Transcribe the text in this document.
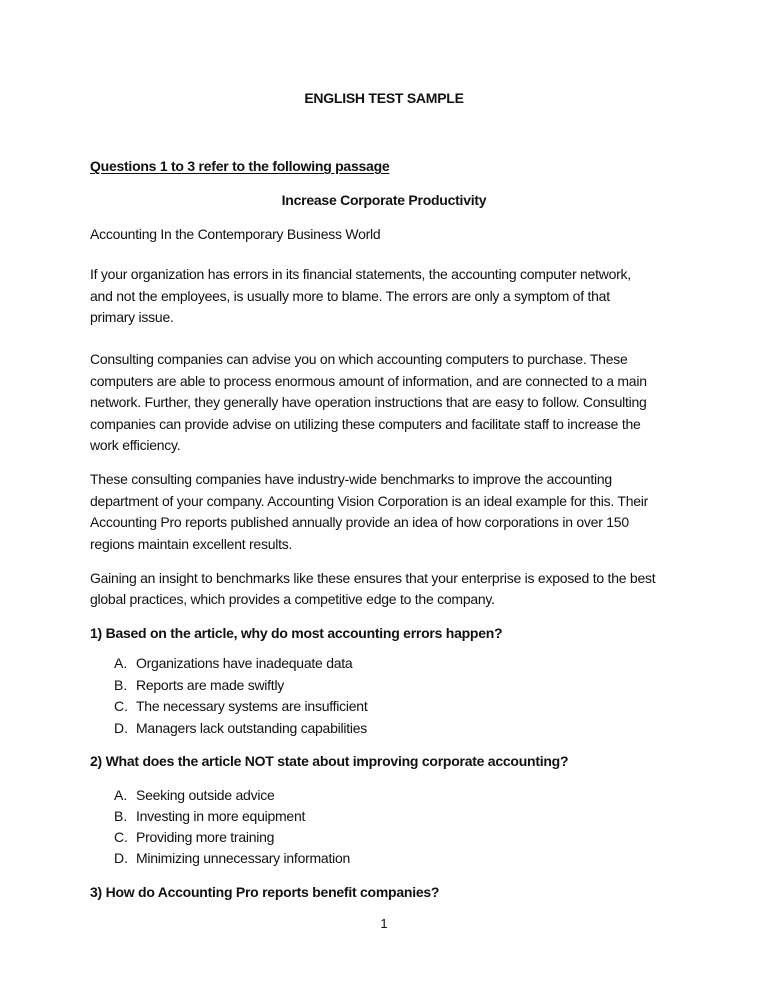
ENGLISH TEST SAMPLE
Questions 1 to 3 refer to the following passage
Increase Corporate Productivity
Accounting In the Contemporary Business World
If your organization has errors in its financial statements, the accounting computer network,
and not the employees, is usually more to blame. The errors are only a symptom of that
primary issue.
Consulting companies can advise you on which accounting computers to purchase. These
computers are able to process enormous amount of information, and are connected to a main
network. Further, they generally have operation instructions that are easy to follow. Consulting
companies can provide advise on utilizing these computers and facilitate staff to increase the
work efficiency.
These consulting companies have industry-wide benchmarks to improve the accounting
department of your company. Accounting Vision Corporation is an ideal example for this. Their
Accounting Pro reports published annually provide an idea of how corporations in over 150
regions maintain excellent results.
Gaining an insight to benchmarks like these ensures that your enterprise is exposed to the best
global practices, which provides a competitive edge to the company.
1) Based on the article, why do most accounting errors happen?
A. Organizations have inadequate data
B. Reports are made swiftly
C. The necessary systems are insufficient
D. Managers lack outstanding capabilities
2) What does the article NOT state about improving corporate accounting?
A. Seeking outside advice
B. Investing in more equipment
C. Providing more training
D. Minimizing unnecessary information
3) How do Accounting Pro reports benefit companies?
1
